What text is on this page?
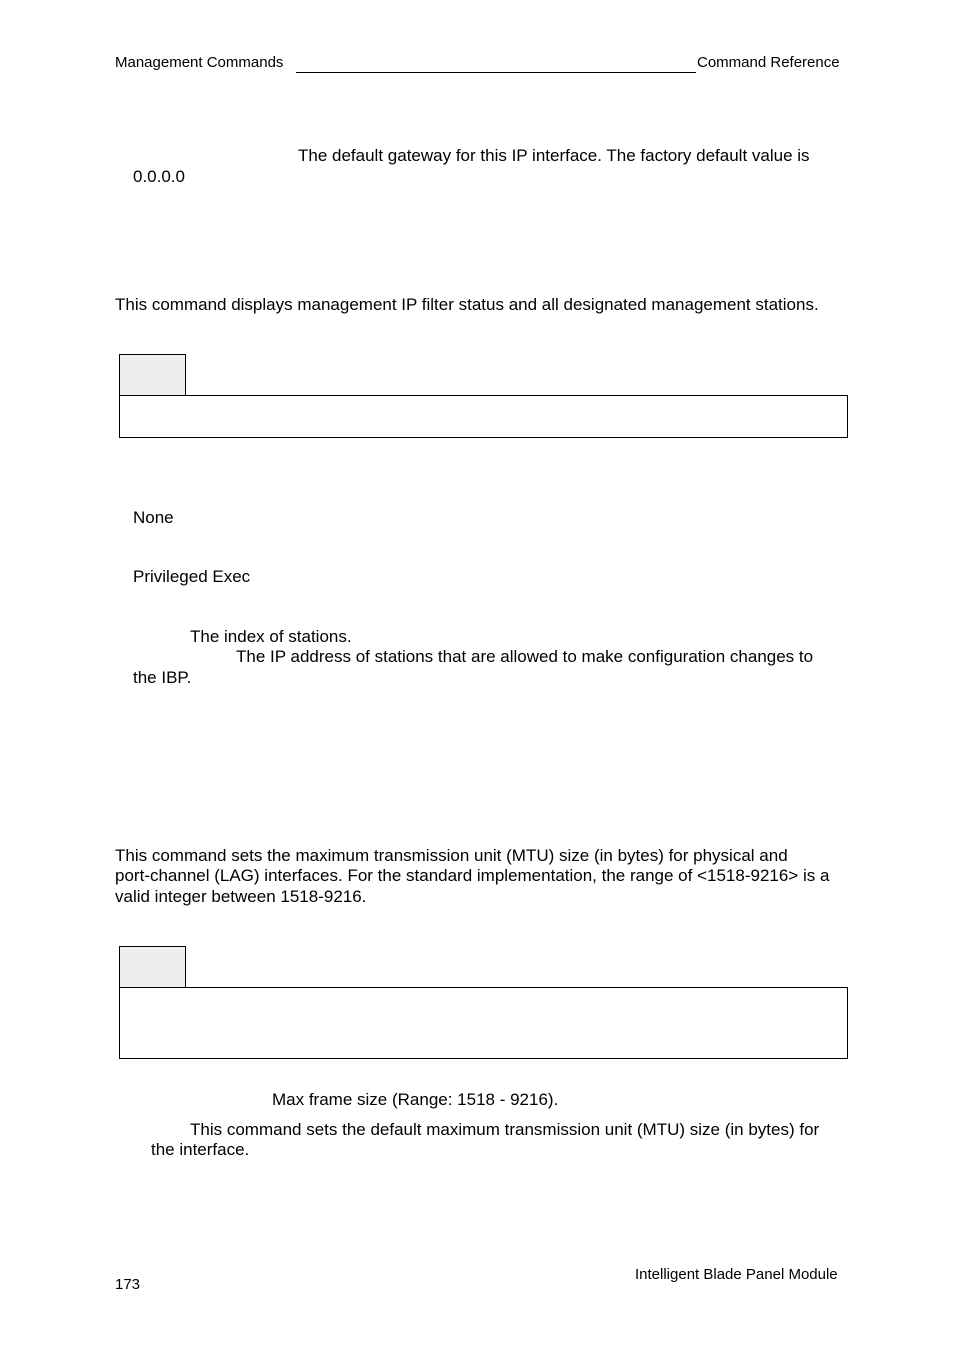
Management Commands	Command Reference
The default gateway for this IP interface. The factory default value is
0.0.0.0
This command displays management IP filter status and all designated management stations.
None
Privileged Exec
The index of stations.
The IP address of stations that are allowed to make configuration changes to
the IBP.
This command sets the maximum transmission unit (MTU) size (in bytes) for physical and
port-channel (LAG) interfaces. For the standard implementation, the range of <1518-9216> is a
valid integer between 1518-9216.
Max frame size (Range: 1518 - 9216).
This command sets the default maximum transmission unit (MTU) size (in bytes) for
the interface.
173
Intelligent Blade Panel Module
